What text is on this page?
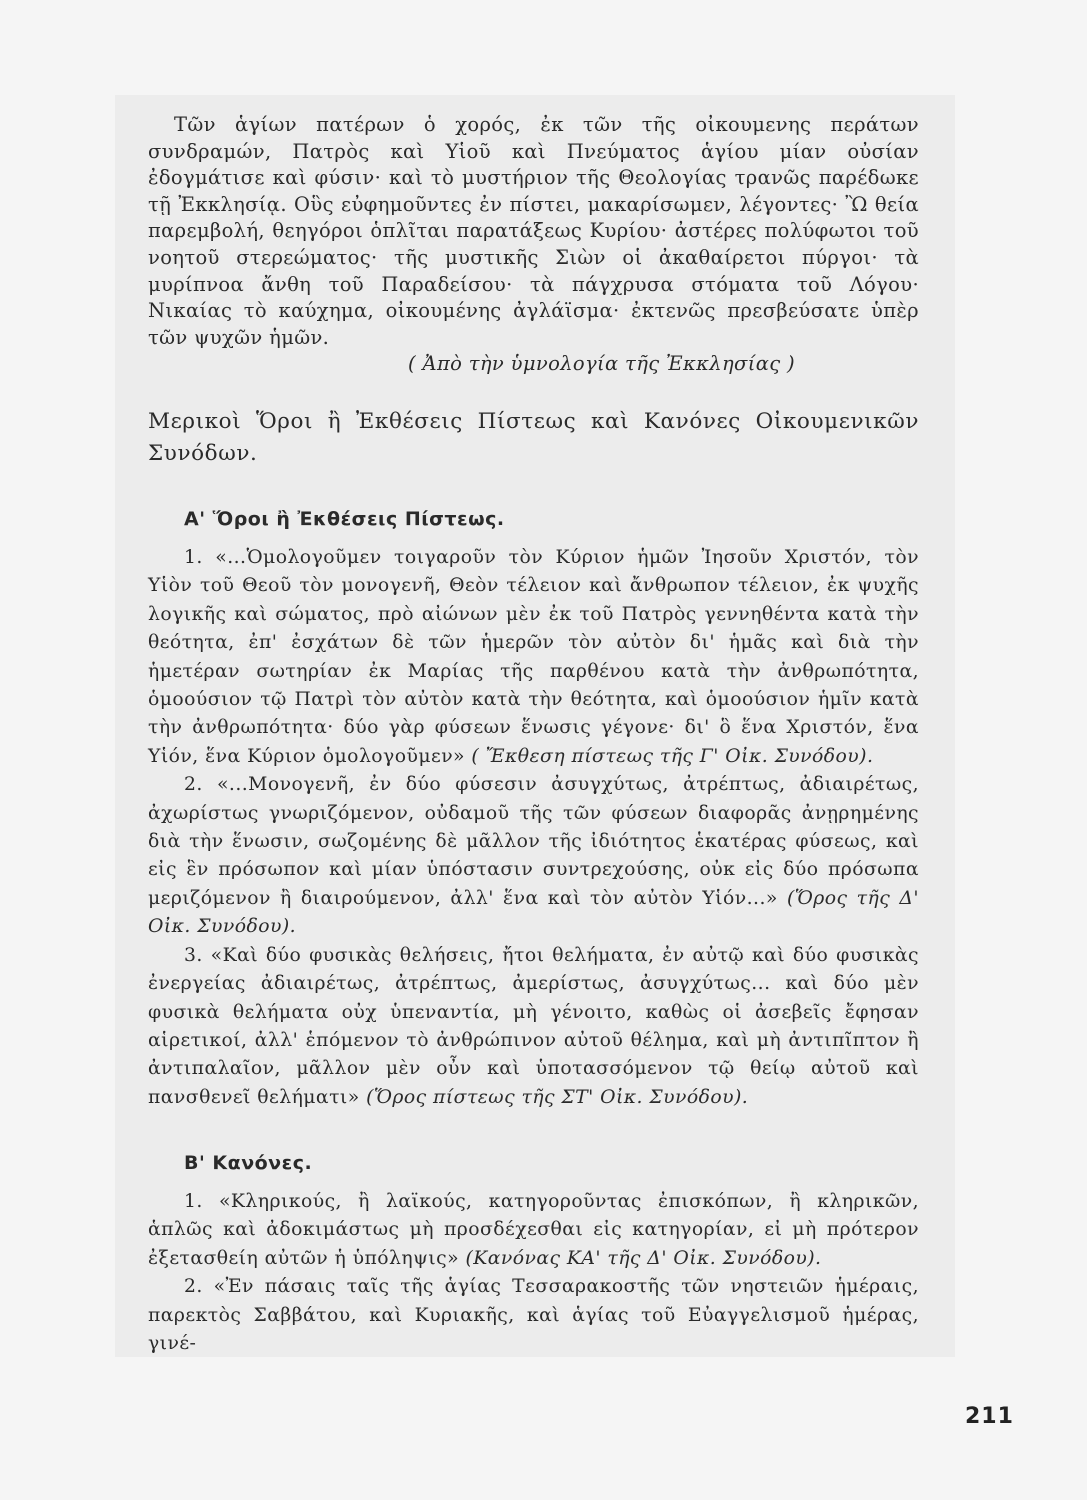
Τῶν ἁγίων πατέρων ὁ χορός, ἐκ τῶν τῆς οἰκουμενης περάτων συνδραμών, Πατρὸς καὶ Υἱοῦ καὶ Πνεύματος ἁγίου μίαν οὐσίαν ἐδογμάτισε καὶ φύσιν· καὶ τὸ μυστήριον τῆς Θεολογίας τρανῶς παρέδωκε τῇ Ἐκκλησίᾳ. Οὓς εὐφημοῦντες ἐν πίστει, μακαρίσωμεν, λέγοντες· Ὢ θεία παρεμβολή, θεηγόροι ὁπλῖται παρατάξεως Κυρίου· ἀστέρες πολύφωτοι τοῦ νοητοῦ στερεώματος· τῆς μυστικῆς Σιὼν οἱ ἀκαθαίρετοι πύργοι· τὰ μυρίπνοα ἄνθη τοῦ Παραδείσου· τὰ πάγχρυσα στόματα τοῦ Λόγου· Νικαίας τὸ καύχημα, οἰκουμένης ἀγλάϊσμα· ἐκτενῶς πρεσβεύσατε ὑπὲρ τῶν ψυχῶν ἡμῶν.

( Ἀπὸ τὴν ὑμνολογία τῆς Ἐκκλησίας )

Μερικοὶ Ὅροι ἢ Ἐκθέσεις Πίστεως καὶ Κανόνες Οἰκουμενικῶν Συνόδων.

Α' Ὅροι ἢ Ἐκθέσεις Πίστεως.

1. «...Ὁμολογοῦμεν τοιγαροῦν τὸν Κύριον ἡμῶν Ἰησοῦν Χριστόν, τὸν Υἱὸν τοῦ Θεοῦ τὸν μονογενῆ, Θεὸν τέλειον καὶ ἄνθρωπον τέλειον, ἐκ ψυχῆς λογικῆς καὶ σώματος, πρὸ αἰώνων μὲν ἐκ τοῦ Πατρὸς γεννηθέντα κατὰ τὴν θεότητα, ἐπ' ἐσχάτων δὲ τῶν ἡμερῶν τὸν αὐτὸν δι' ἡμᾶς καὶ διὰ τὴν ἡμετέραν σωτηρίαν ἐκ Μαρίας τῆς παρθένου κατὰ τὴν ἀνθρωπότητα, ὁμοούσιον τῷ Πατρὶ τὸν αὐτὸν κατὰ τὴν θεότητα, καὶ ὁμοούσιον ἡμῖν κατὰ τὴν ἀνθρωπότητα· δύο γὰρ φύσεων ἕνωσις γέγονε· δι' ὃ ἕνα Χριστόν, ἕνα Υἱόν, ἕνα Κύριον ὁμολογοῦμεν» ( Ἔκθεση πίστεως τῆς Γ' Οἰκ. Συνόδου).

2. «...Μονογενῆ, ἐν δύο φύσεσιν ἀσυγχύτως, ἀτρέπτως, ἀδιαιρέτως, ἀχωρίστως γνωριζόμενον, οὐδαμοῦ τῆς τῶν φύσεων διαφορᾶς ἀνῃρημένης διὰ τὴν ἕνωσιν, σωζομένης δὲ μᾶλλον τῆς ἰδιότητος ἑκατέρας φύσεως, καὶ εἰς ἓν πρόσωπον καὶ μίαν ὑπόστασιν συντρεχούσης, οὐκ εἰς δύο πρόσωπα μεριζόμενον ἢ διαιρούμενον, ἀλλ' ἕνα καὶ τὸν αὐτὸν Υἱόν...» (Ὅρος τῆς Δ' Οἰκ. Συνόδου).

3. «Καὶ δύο φυσικὰς θελήσεις, ἤτοι θελήματα, ἐν αὐτῷ καὶ δύο φυσικὰς ἐνεργείας ἀδιαιρέτως, ἀτρέπτως, ἀμερίστως, ἀσυγχύτως... καὶ δύο μὲν φυσικὰ θελήματα οὐχ ὑπεναντία, μὴ γένοιτο, καθὼς οἱ ἀσεβεῖς ἔφησαν αἱρετικοί, ἀλλ' ἑπόμενον τὸ ἀνθρώπινον αὐτοῦ θέλημα, καὶ μὴ ἀντιπῖπτον ἢ ἀντιπαλαῖον, μᾶλλον μὲν οὖν καὶ ὑποτασσόμενον τῷ θείῳ αὐτοῦ καὶ πανσθενεῖ θελήματι» (Ὅρος πίστεως τῆς ΣΤ' Οἰκ. Συνόδου).

Β' Κανόνες.

1. «Κληρικούς, ἢ λαϊκούς, κατηγοροῦντας ἐπισκόπων, ἢ κληρικῶν, ἁπλῶς καὶ ἀδοκιμάστως μὴ προσδέχεσθαι εἰς κατηγορίαν, εἰ μὴ πρότερον ἐξετασθείη αὐτῶν ἡ ὑπόληψις» (Κανόνας ΚΑ' τῆς Δ' Οἰκ. Συνόδου).

2. «Ἐν πάσαις ταῖς τῆς ἁγίας Τεσσαρακοστῆς τῶν νηστειῶν ἡμέραις, παρεκτὸς Σαββάτου, καὶ Κυριακῆς, καὶ ἁγίας τοῦ Εὐαγγελισμοῦ ἡμέρας, γινέ-

211
